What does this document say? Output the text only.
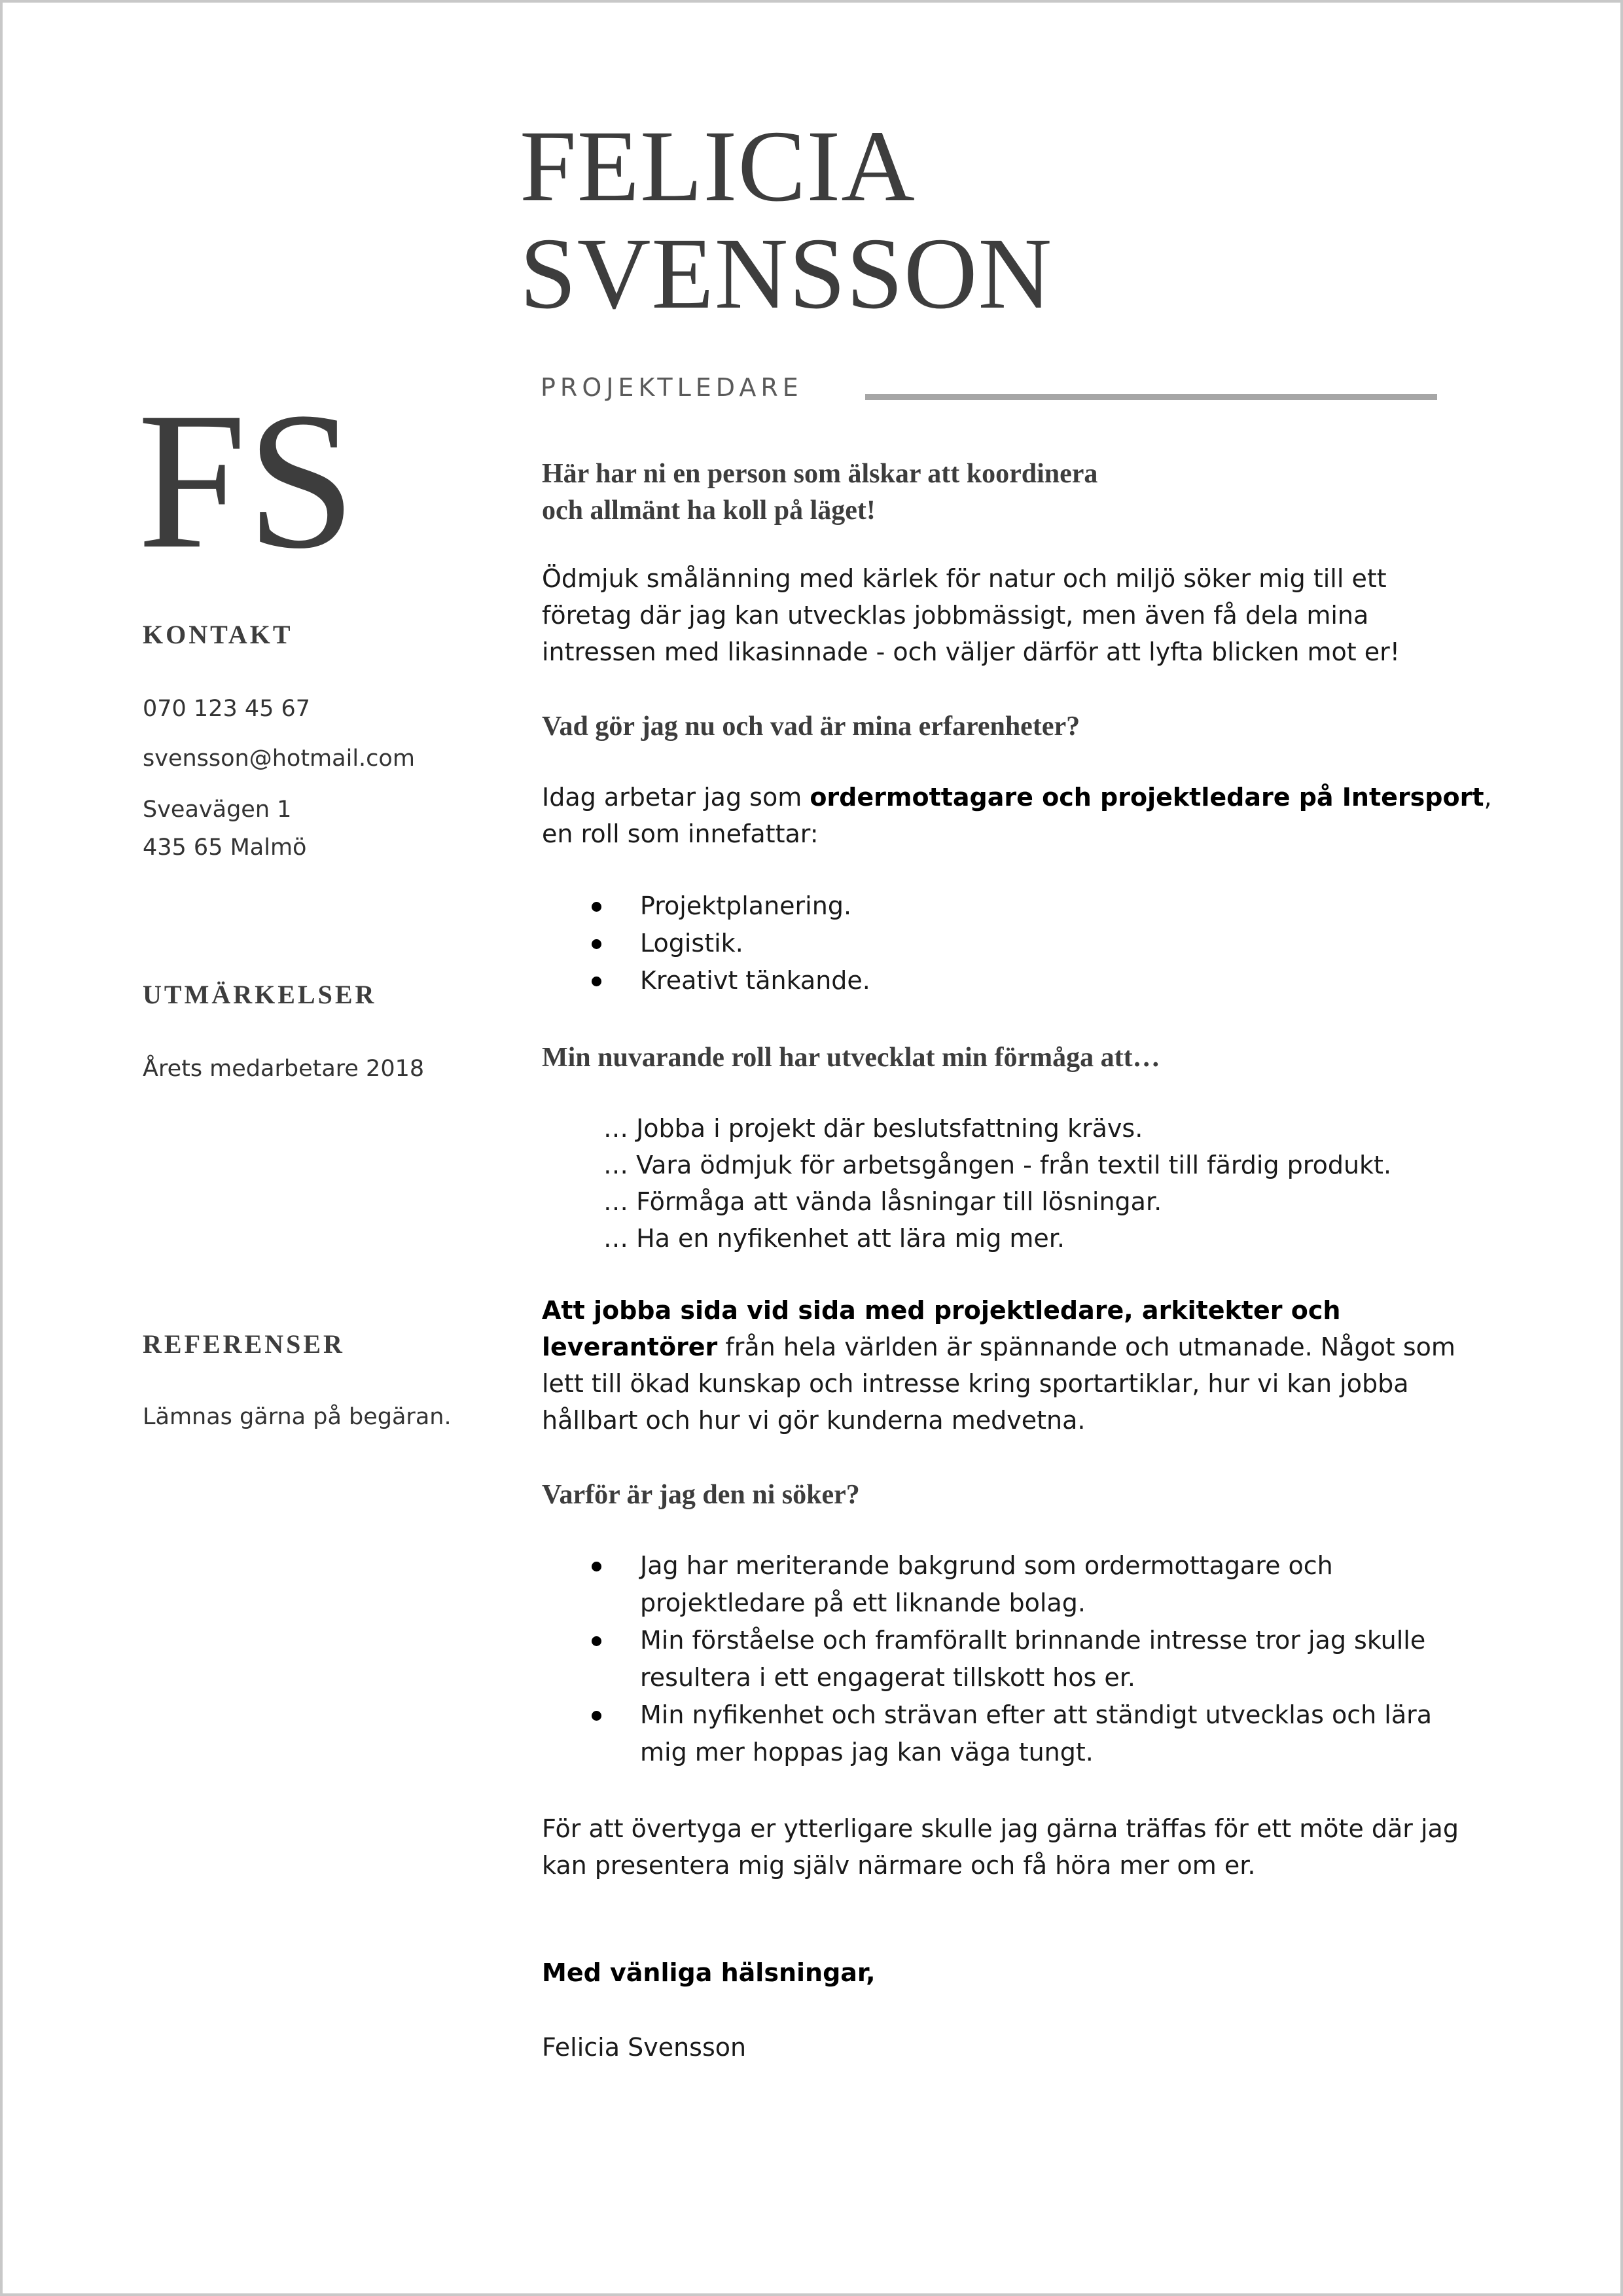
FELICIA
SVENSSON
PROJEKTLEDARE
FS
KONTAKT
070 123 45 67
svensson@hotmail.com
Sveavägen 1
435 65 Malmö
UTMÄRKELSER
Årets medarbetare 2018
REFERENSER
Lämnas gärna på begäran.
Här har ni en person som älskar att koordinera
och allmänt ha koll på läget!
Ödmjuk smålänning med kärlek för natur och miljö söker mig till ett företag där jag kan utvecklas jobbmässigt, men även få dela mina intressen med likasinnade - och väljer därför att lyfta blicken mot er!
Vad gör jag nu och vad är mina erfarenheter?
Idag arbetar jag som ordermottagare och projektledare på Intersport, en roll som innefattar:
Projektplanering.
Logistik.
Kreativt tänkande.
Min nuvarande roll har utvecklat min förmåga att…
… Jobba i projekt där beslutsfattning krävs.
… Vara ödmjuk för arbetsgången - från textil till färdig produkt.
… Förmåga att vända låsningar till lösningar.
… Ha en nyfikenhet att lära mig mer.
Att jobba sida vid sida med projektledare, arkitekter och leverantörer från hela världen är spännande och utmanade. Något som lett till ökad kunskap och intresse kring sportartiklar, hur vi kan jobba hållbart och hur vi gör kunderna medvetna.
Varför är jag den ni söker?
Jag har meriterande bakgrund som ordermottagare och projektledare på ett liknande bolag.
Min förståelse och framförallt brinnande intresse tror jag skulle resultera i ett engagerat tillskott hos er.
Min nyfikenhet och strävan efter att ständigt utvecklas och lära mig mer hoppas jag kan väga tungt.
För att övertyga er ytterligare skulle jag gärna träffas för ett möte där jag kan presentera mig själv närmare och få höra mer om er.
Med vänliga hälsningar,
Felicia Svensson
